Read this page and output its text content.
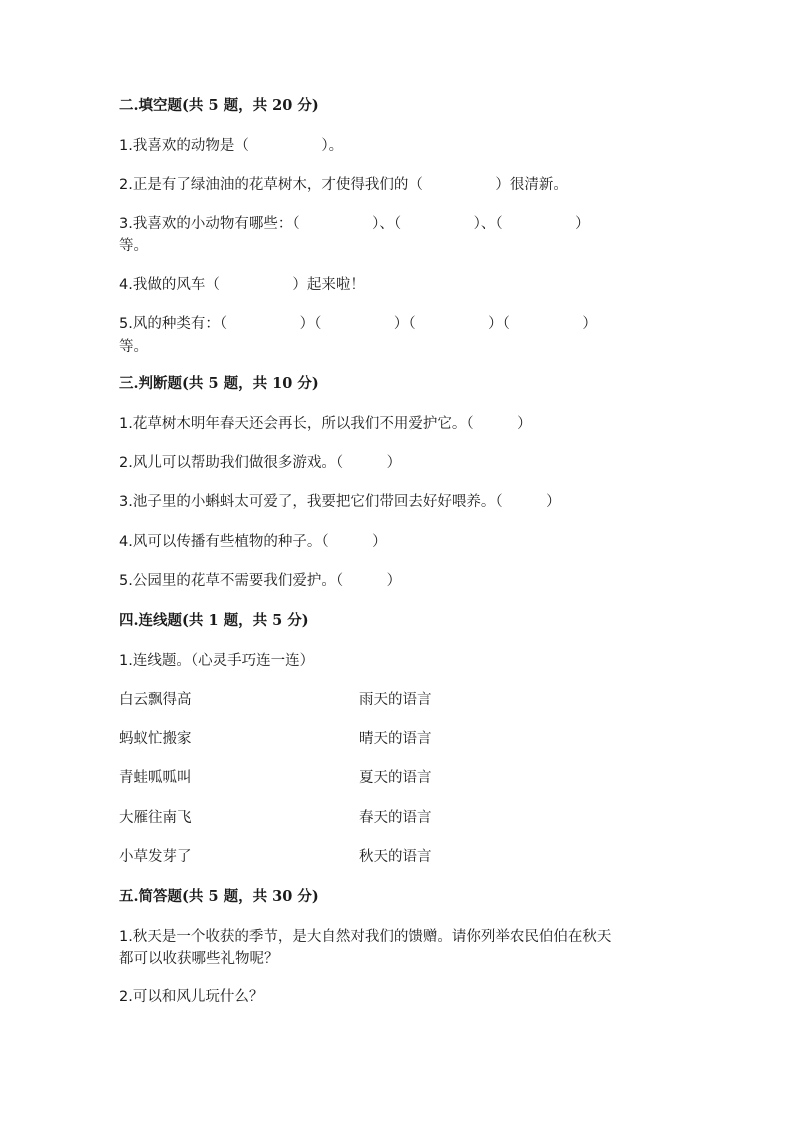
二.填空题(共 5 题，共 20 分)
1.我喜欢的动物是（　　　　　）。
2.正是有了绿油油的花草树木，才使得我们的（　　　　　）很清新。
3.我喜欢的小动物有哪些：（　　　　　）、（　　　　　）、（　　　　　）
等。
4.我做的风车（　　　　　）起来啦！
5.风的种类有：（　　　　　）（　　　　　）（　　　　　）（　　　　　）
等。
三.判断题(共 5 题，共 10 分)
1.花草树木明年春天还会再长，所以我们不用爱护它。（　　　）
2.风儿可以帮助我们做很多游戏。（　　　）
3.池子里的小蝌蚪太可爱了，我要把它们带回去好好喂养。（　　　）
4.风可以传播有些植物的种子。（　　　）
5.公园里的花草不需要我们爱护。（　　　）
四.连线题(共 1 题，共 5 分)
1.连线题。（心灵手巧连一连）
白云飘得高	雨天的语言
蚂蚁忙搬家	晴天的语言
青蛙呱呱叫	夏天的语言
大雁往南飞	春天的语言
小草发芽了	秋天的语言
五.简答题(共 5 题，共 30 分)
1.秋天是一个收获的季节，是大自然对我们的馈赠。请你列举农民伯伯在秋天
都可以收获哪些礼物呢？
2.可以和风儿玩什么？
